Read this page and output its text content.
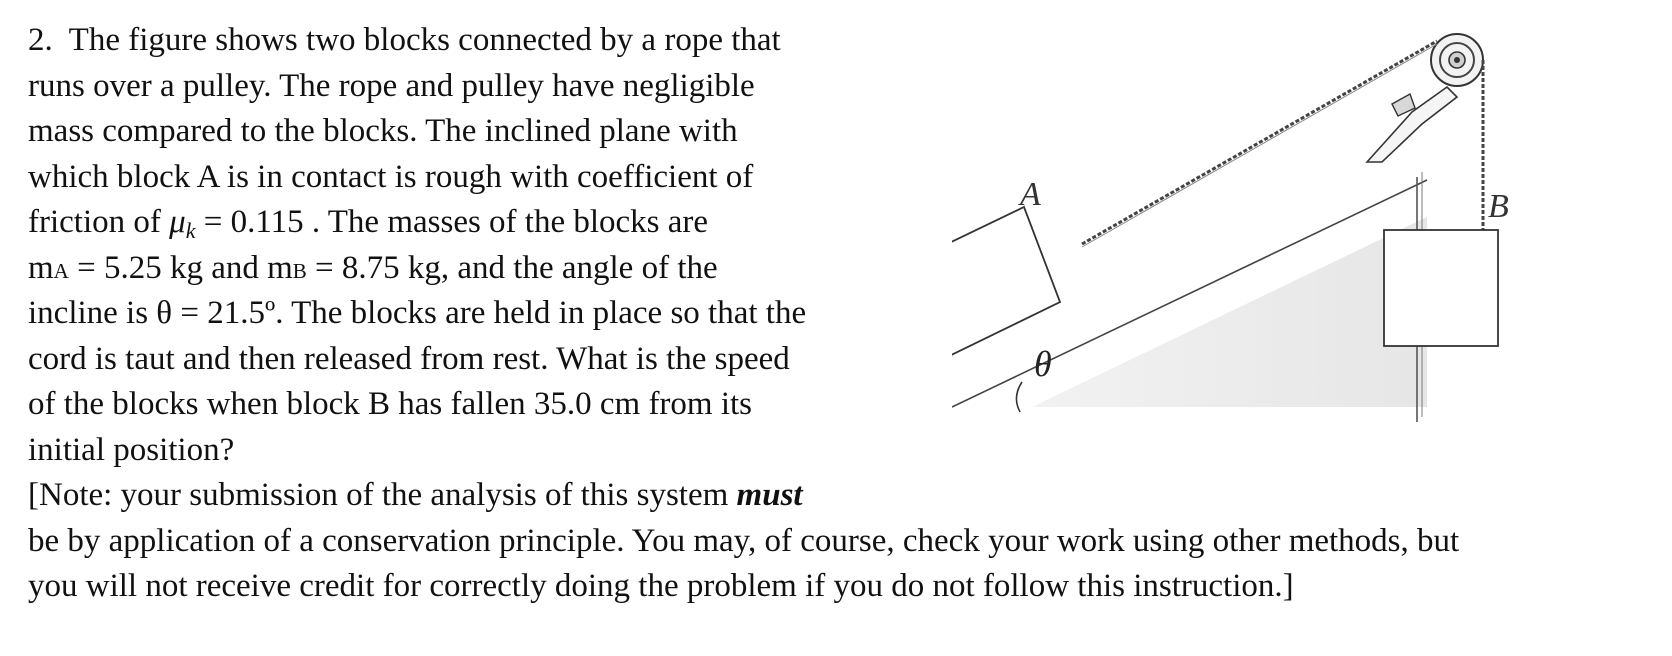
2. The figure shows two blocks connected by a rope that
runs over a pulley. The rope and pulley have negligible
mass compared to the blocks. The inclined plane with
which block A is in contact is rough with coefficient of
friction of $\mu_k = 0.115$ . The masses of the blocks are
mA = 5.25 kg and mB = 8.75 kg, and the angle of the
incline is θ = 21.5º. The blocks are held in place so that the
cord is taut and then released from rest. What is the speed
of the blocks when block B has fallen 35.0 cm from its
initial position?
[Note: your submission of the analysis of this system must
be by application of a conservation principle. You may, of course, check your work using other methods, but
you will not receive credit for correctly doing the problem if you do not follow this instruction.]
A	B
θ
